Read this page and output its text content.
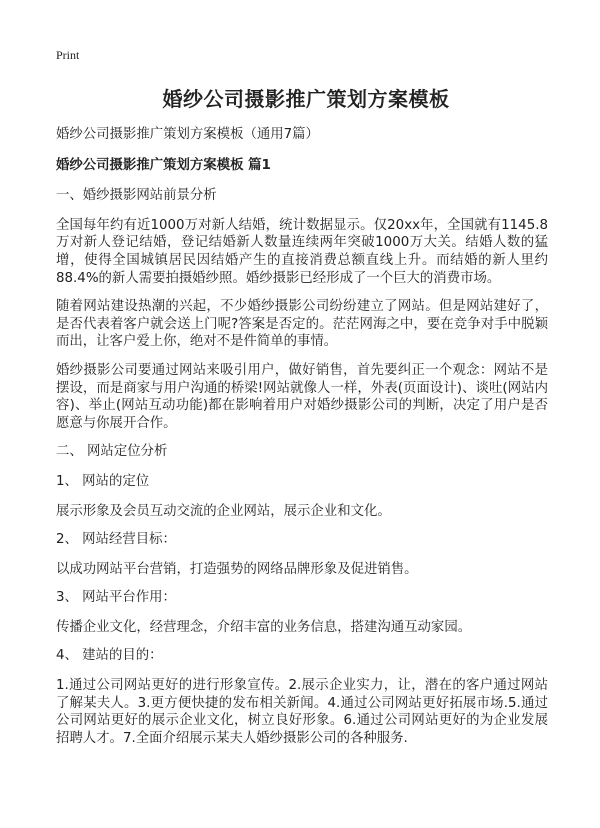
Print
婚纱公司摄影推广策划方案模板

婚纱公司摄影推广策划方案模板（通用7篇）

婚纱公司摄影推广策划方案模板 篇1

一、婚纱摄影网站前景分析

全国每年约有近1000万对新人结婚，统计数据显示。仅20xx年，全国就有1145.8万对新人登记结婚，登记结婚新人数量连续两年突破1000万大关。结婚人数的猛增，使得全国城镇居民因结婚产生的直接消费总额直线上升。而结婚的新人里约88.4%的新人需要拍摄婚纱照。婚纱摄影已经形成了一个巨大的消费市场。

随着网站建设热潮的兴起，不少婚纱摄影公司纷纷建立了网站。但是网站建好了，是否代表着客户就会送上门呢?答案是否定的。茫茫网海之中，要在竞争对手中脱颖而出，让客户爱上你，绝对不是件简单的事情。

婚纱摄影公司要通过网站来吸引用户，做好销售，首先要纠正一个观念：网站不是摆设，而是商家与用户沟通的桥梁!网站就像人一样，外表(页面设计)、谈吐(网站内容)、举止(网站互动功能)都在影响着用户对婚纱摄影公司的判断，决定了用户是否愿意与你展开合作。

二、 网站定位分析

1、 网站的定位

展示形象及会员互动交流的企业网站，展示企业和文化。

2、 网站经营目标：

以成功网站平台营销，打造强势的网络品牌形象及促进销售。

3、 网站平台作用：

传播企业文化，经营理念，介绍丰富的业务信息，搭建沟通互动家园。

4、 建站的目的：

1.通过公司网站更好的进行形象宣传。2.展示企业实力，让，潜在的客户通过网站了解某夫人。3.更方便快捷的发布相关新闻。4.通过公司网站更好拓展市场.5.通过公司网站更好的展示企业文化，树立良好形象。6.通过公司网站更好的为企业发展招聘人才。7.全面介绍展示某夫人婚纱摄影公司的各种服务.
